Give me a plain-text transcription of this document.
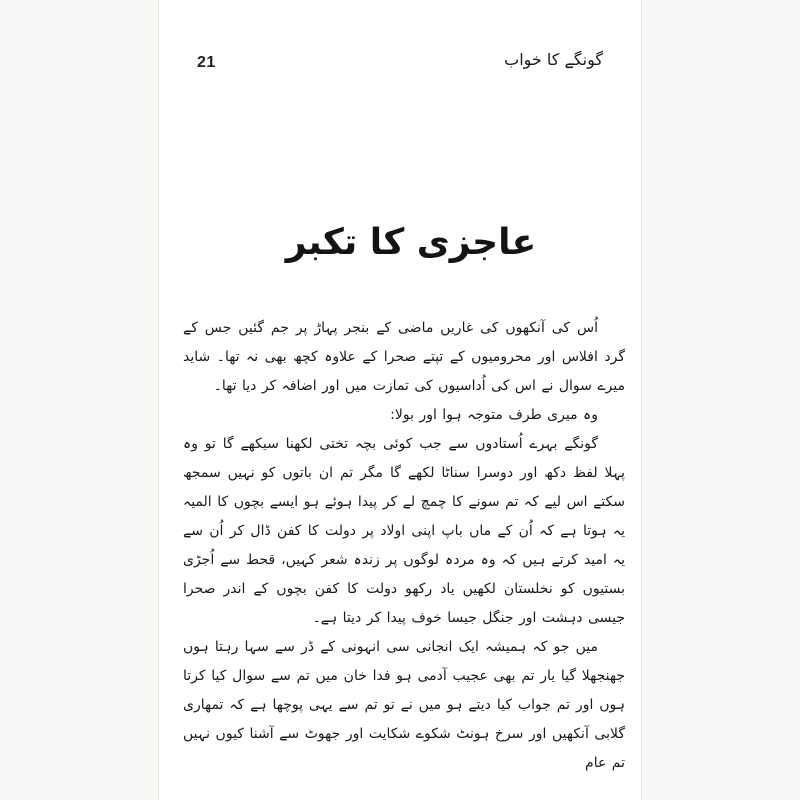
21	گونگے کا خواب
عاجزی کا تکبر

اُس کی آنکھوں کی غاریں ماضی کے بنجر پہاڑ پر جم گئیں جس کے گرد افلاس اور محرومیوں کے تپتے صحرا کے علاوہ کچھ بھی نہ تھا۔ شاید میرے سوال نے اس کی اُداسیوں کی تمازت میں اور اضافہ کر دیا تھا۔

وہ میری طرف متوجہ ہوا اور بولا:

گونگے بہرے اُستادوں سے جب کوئی بچہ تختی لکھنا سیکھے گا تو وہ پہلا لفظ دکھ اور دوسرا سناٹا لکھے گا مگر تم ان باتوں کو نہیں سمجھ سکتے اس لیے کہ تم سونے کا چمچ لے کر پیدا ہوئے ہو ایسے بچوں کا المیہ یہ ہوتا ہے کہ اُن کے ماں باپ اپنی اولاد پر دولت کا کفن ڈال کر اُن سے یہ امید کرتے ہیں کہ وہ مردہ لوگوں پر زندہ شعر کہیں، قحط سے اُجڑی بستیوں کو نخلستان لکھیں یاد رکھو دولت کا کفن بچوں کے اندر صحرا جیسی دہشت اور جنگل جیسا خوف پیدا کر دیتا ہے۔

میں جو کہ ہمیشہ ایک انجانی سی انہونی کے ڈر سے سہا رہتا ہوں جھنجھلا گیا یار تم بھی عجیب آدمی ہو فدا خان میں تم سے سوال کیا کرتا ہوں اور تم جواب کیا دیتے ہو میں نے تو تم سے یہی پوچھا ہے کہ تمھاری گلابی آنکھیں اور سرخ ہونٹ شکوے شکایت اور جھوٹ سے آشنا کیوں نہیں تم عام
